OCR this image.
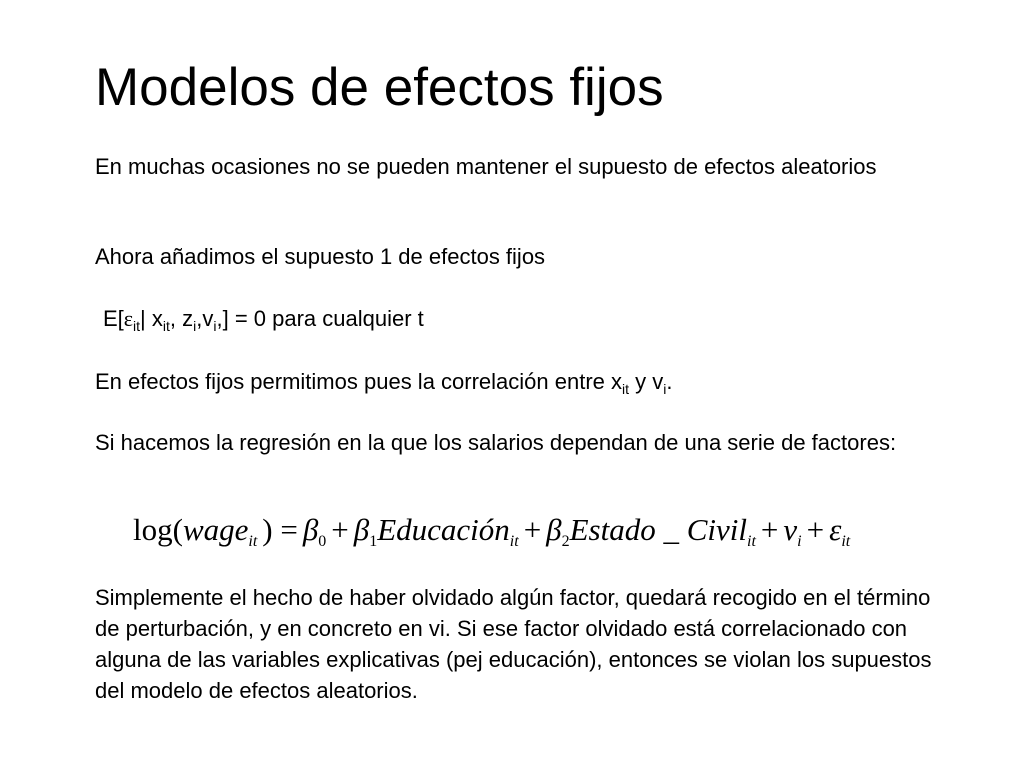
Modelos de efectos fijos
En muchas ocasiones no se pueden mantener el supuesto de efectos aleatorios
Ahora añadimos el supuesto 1 de efectos fijos
$E[\varepsilon_{it}|$ $x_{it}$, $z_i,v_i,] = 0$ para cualquier t
En efectos fijos permitimos pues la correlación entre $x_{it}$ y $v_i$.
Si hacemos la regresión en la que los salarios dependan de una serie de factores:
log(wage$_{it}$ ) = $\beta_0$ + $\beta_1Educación_{it}$ + $\beta_2Estado$ _ Civil$_{it}$ + $v_i + \varepsilon_{it}$
Simplemente el hecho de haber olvidado algún factor, quedará recogido en el término de perturbación, y en concreto en vi. Si ese factor olvidado está correlacionado con alguna de las variables explicativas (pej educación), entonces se violan los supuestos del modelo de efectos aleatorios.
